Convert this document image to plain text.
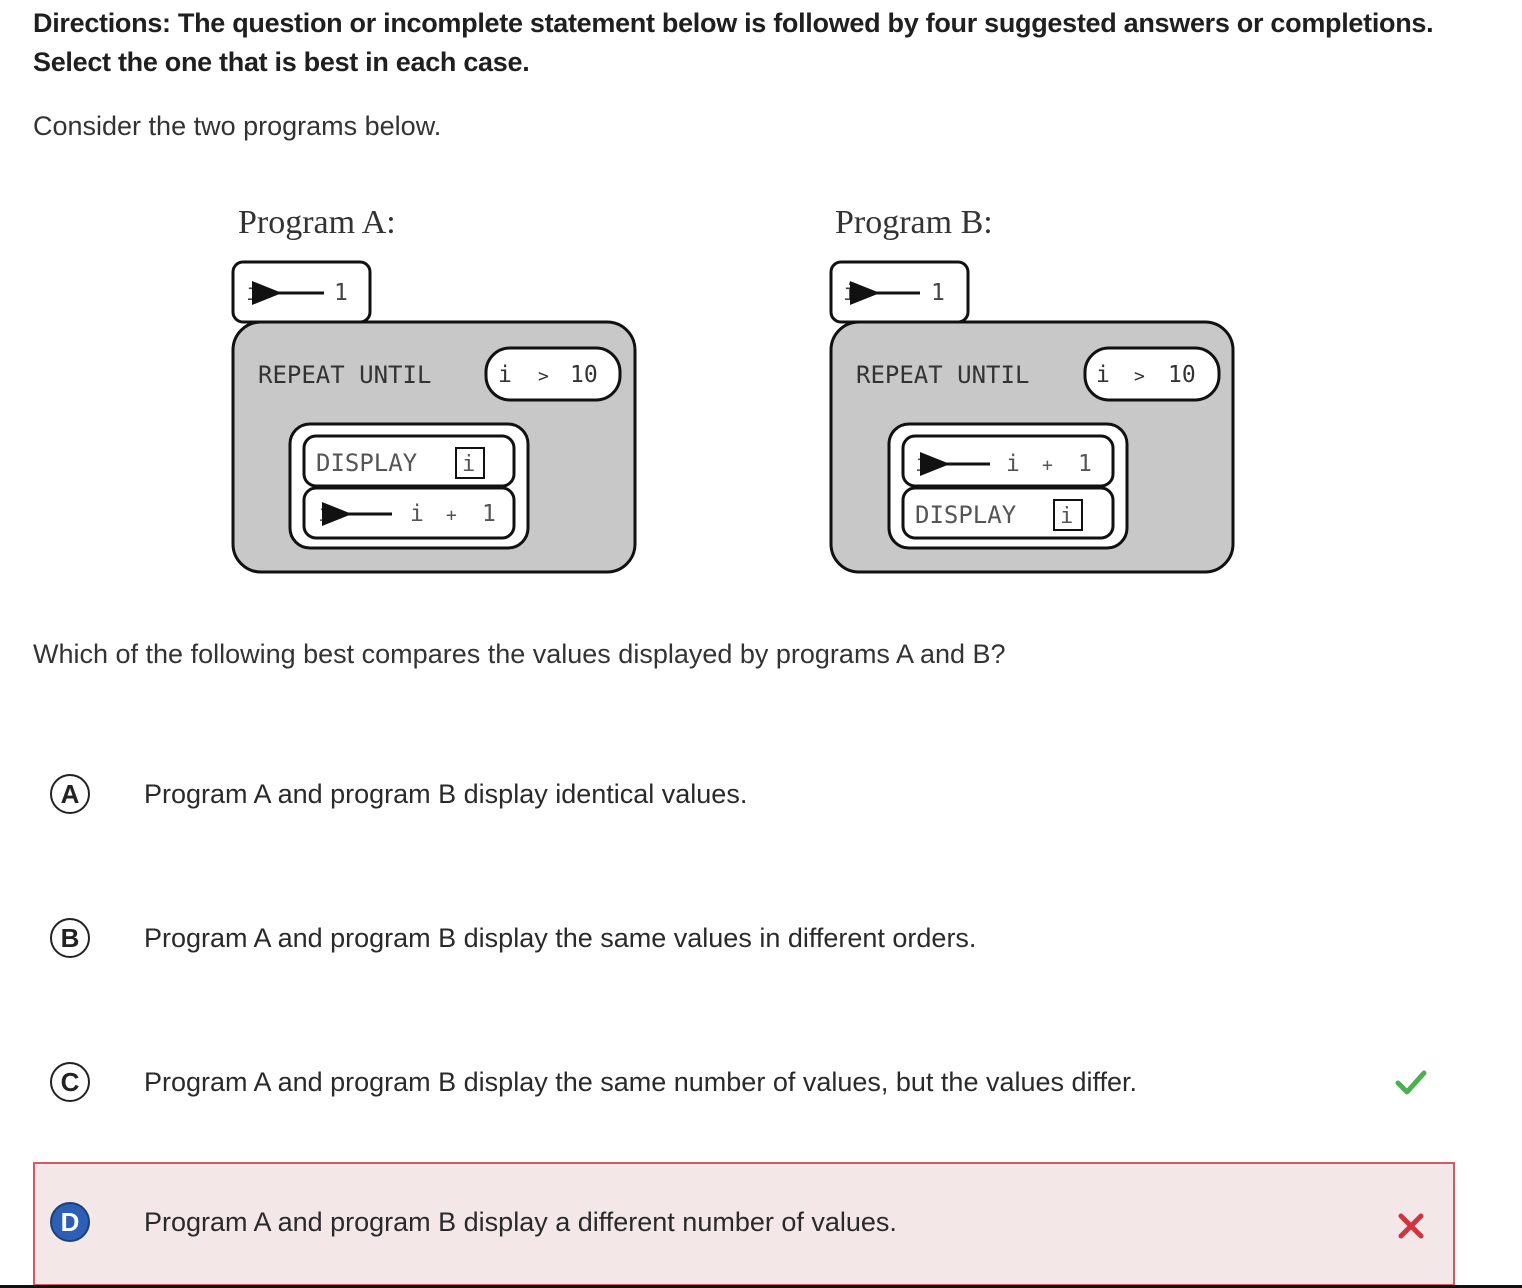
Directions: The question or incomplete statement below is followed by four suggested answers or completions. Select the one that is best in each case.
Consider the two programs below.
Program A:
i	1
REPEAT UNTIL	i > 10
DISPLAY i
i	i + 1
Program B:
i	1
REPEAT UNTIL	i > 10
i	i + 1
DISPLAY i
Which of the following best compares the values displayed by programs A and B?
A	Program A and program B display identical values.
B	Program A and program B display the same values in different orders.
C	Program A and program B display the same number of values, but the values differ.
D	Program A and program B display a different number of values.
